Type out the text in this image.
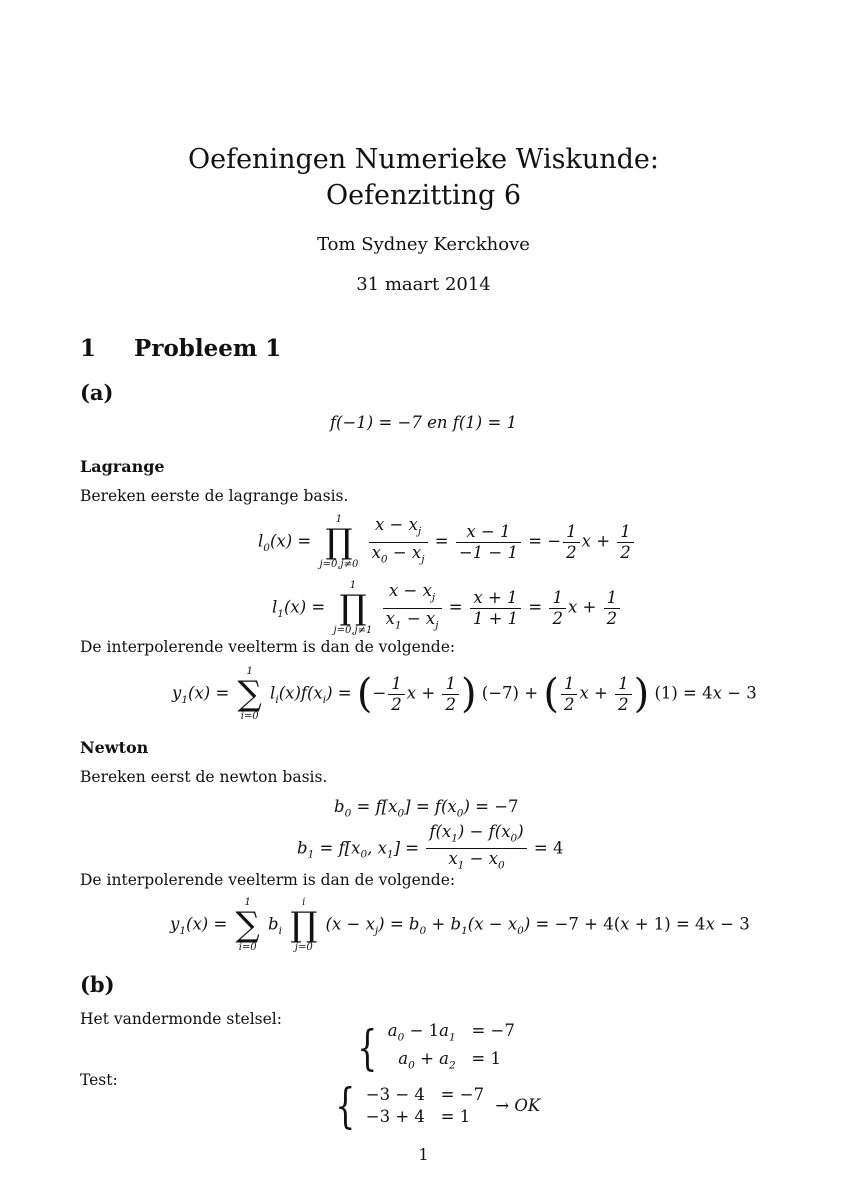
Oefeningen Numerieke Wiskunde:
Oefenzitting 6
Tom Sydney Kerckhove
31 maart 2014
1 Probleem 1
(a)
f(−1) = −7 en f(1) = 1
Lagrange
Bereken eerste de lagrange basis.
$l_0(x)$ =
1
∏
j=0,j≠0
$\frac{x - x_j}{x_0 - x_j} = \frac{x - 1}{-1 - 1}$ = − $\frac{1}{2}$ $x + \frac{1}{2}$
$l_1(x)$ =
1
∏
j=0,j≠1
$\frac{x - x_j}{x_1 - x_j} = \frac{x + 1}{1 + 1} = \frac{1}{2}$ $x + \frac{1}{2}$
De interpolerende veelterm is dan de volgende:
$y_1(x)$ =
1
∑
i=0
$l_i(x)f(x_i)$ = (− $\frac{1}{2}$ $x + \frac{1}{2}$ ) (−7) + ( $\frac{1}{2}$ $x + \frac{1}{2}$ ) (1) = 4x − 3
Newton
Bereken eerst de newton basis.
$b_0 = f[x_0] = f(x_0) = -7$
$b_1 = f[x_0$, $x_1] = \frac{f(x_1) - f(x_0)}{x_1 - x_0} = 4$
De interpolerende veelterm is dan de volgende:
$y_1(x)$ =
1
∑
i=0
$b_i$
i
∏
j=0
$(x - x_j) = b_0 + b_1(x - x_0) = -7 + 4(x + 1) = 4x - 3$
(b)
Het vandermonde stelsel:
{ $a_0 - 1a_1 = -7$
$a_0 + a_2 = 1$
Test:	{ −3 − 4   = −7
−3 + 4   = 1
→ OK
1
